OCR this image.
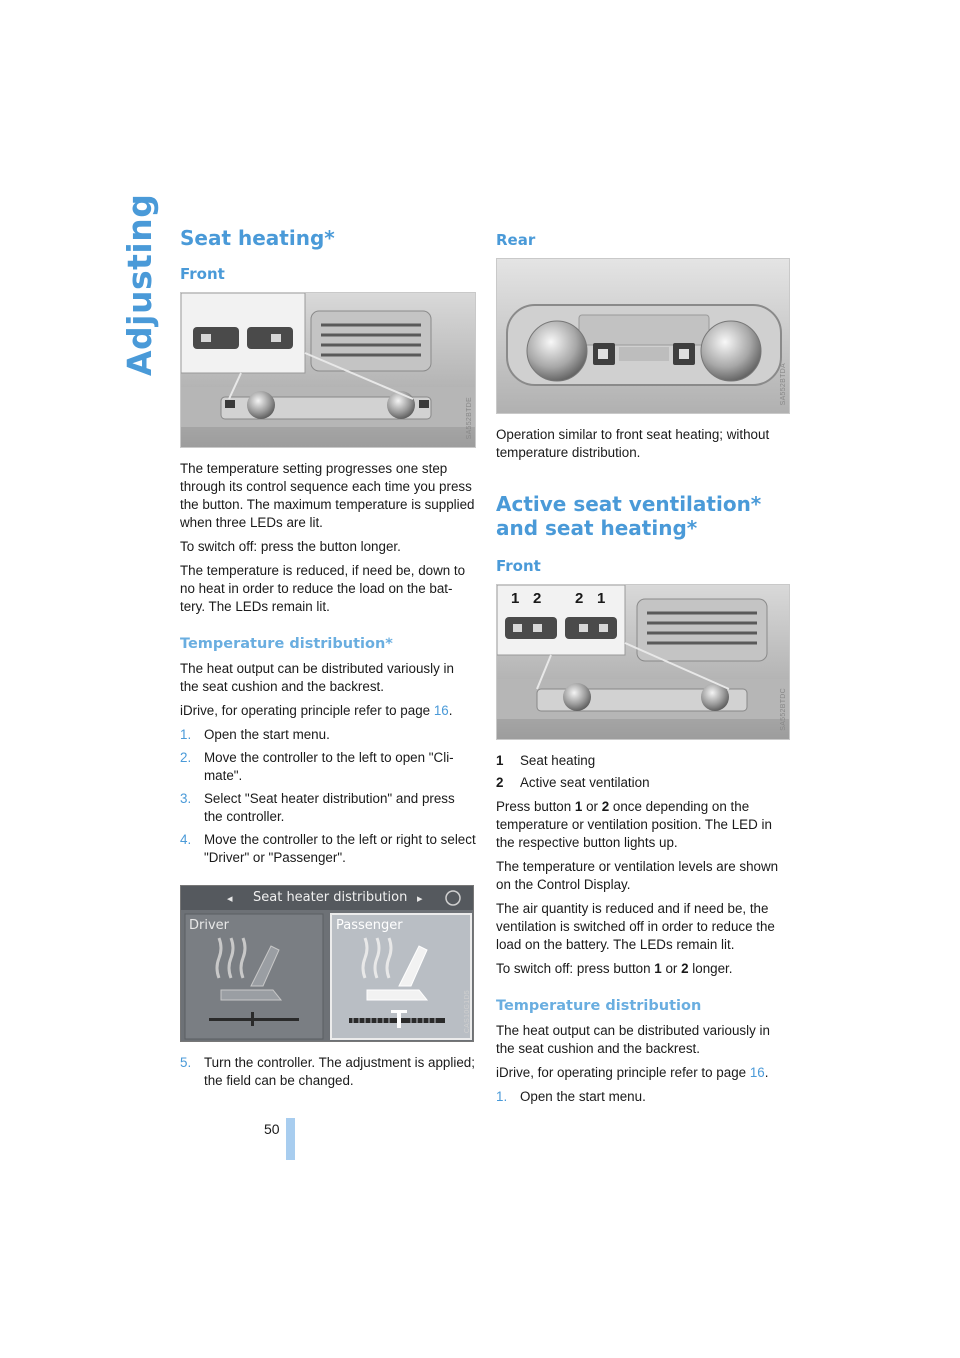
Adjusting Seat heating*
Front
SA552BTDE

The temperature setting progresses one step through its control sequence each time you press the button. The maximum temperature is supplied when three LEDs are lit.

To switch off: press the button longer.

The temperature is reduced, if need be, down to no heat in order to reduce the load on the bat-tery. The LEDs remain lit.

Temperature distribution*

The heat output can be distributed variously in the seat cushion and the backrest.

iDrive, for operating principle refer to page 16.

1. Open the start menu.
2. Move the controller to the left to open "Cli-mate".
3. Select "Seat heater distribution" and press the controller.
4. Move the controller to the left or right to select "Driver" or "Passenger".
◂	▸
Seat heater distribution
Driver	Passenger
CAS10G1D5
5. Turn the controller. The adjustment is applied; the field can be changed.
Rear
SA552BTDA

Operation similar to front seat heating; without temperature distribution.

Active seat ventilation* and seat heating*
Front
1 2 2 1
SA552BTDC
1	Seat heating
2	Active seat ventilation

Press button 1 or 2 once depending on the temperature or ventilation position. The LED in the respective button lights up.

The temperature or ventilation levels are shown on the Control Display.

The air quantity is reduced and if need be, the ventilation is switched off in order to reduce the load on the battery. The LEDs remain lit.

To switch off: press button 1 or 2 longer.

Temperature distribution

The heat output can be distributed variously in the seat cushion and the backrest.

iDrive, for operating principle refer to page 16.

1. Open the start menu.
50
